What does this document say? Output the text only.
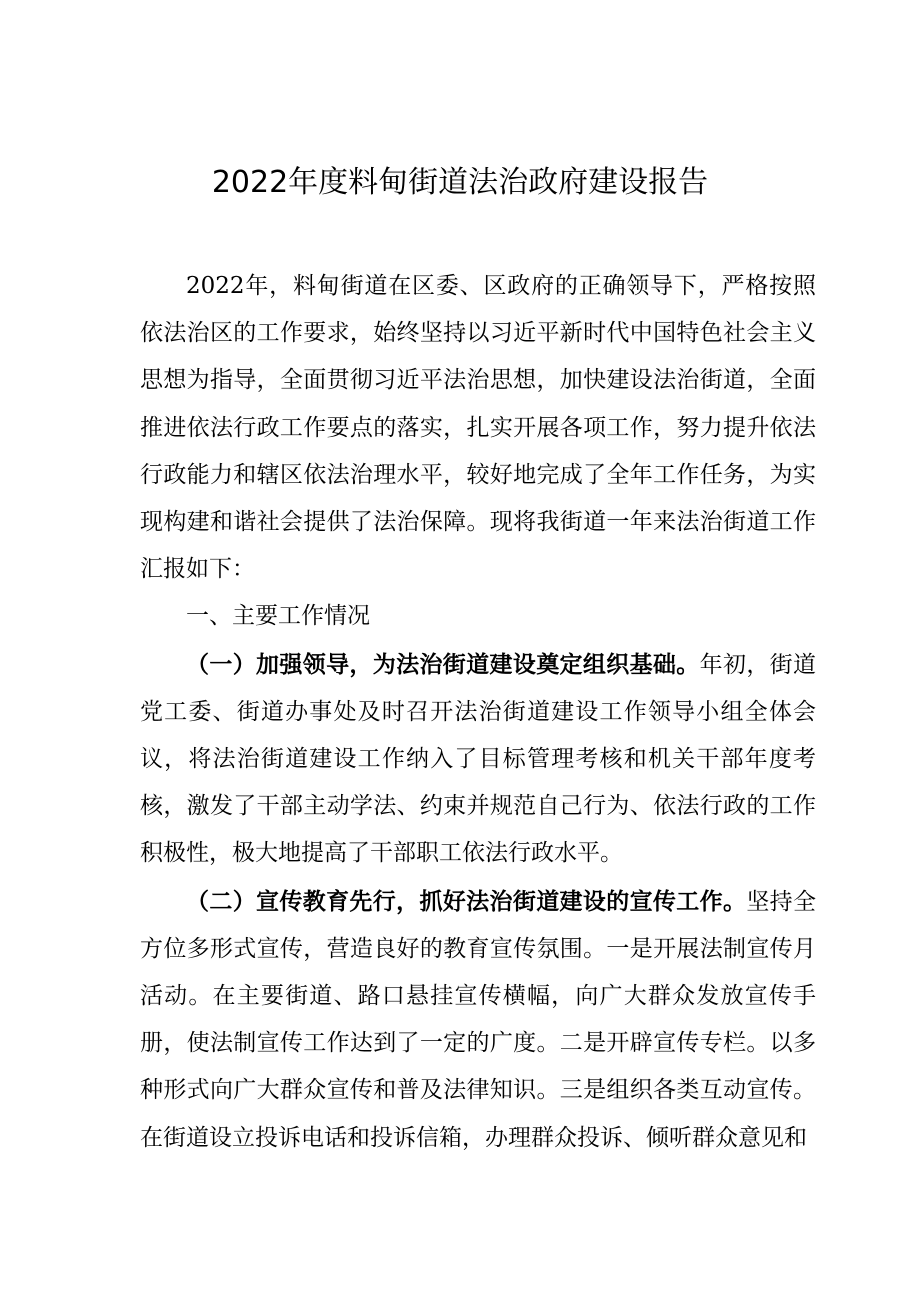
2022年度料甸街道法治政府建设报告

2022年，料甸街道在区委、区政府的正确领导下，严格按照依法治区的工作要求，始终坚持以习近平新时代中国特色社会主义思想为指导，全面贯彻习近平法治思想，加快建设法治街道，全面推进依法行政工作要点的落实，扎实开展各项工作，努力提升依法行政能力和辖区依法治理水平，较好地完成了全年工作任务，为实现构建和谐社会提供了法治保障。现将我街道一年来法治街道工作汇报如下：

一、主要工作情况

（一）加强领导，为法治街道建设奠定组织基础。年初，街道党工委、街道办事处及时召开法治街道建设工作领导小组全体会议，将法治街道建设工作纳入了目标管理考核和机关干部年度考核，激发了干部主动学法、约束并规范自己行为、依法行政的工作积极性，极大地提高了干部职工依法行政水平。

（二）宣传教育先行，抓好法治街道建设的宣传工作。坚持全方位多形式宣传，营造良好的教育宣传氛围。一是开展法制宣传月活动。在主要街道、路口悬挂宣传横幅，向广大群众发放宣传手册，使法制宣传工作达到了一定的广度。二是开辟宣传专栏。以多种形式向广大群众宣传和普及法律知识。三是组织各类互动宣传。在街道设立投诉电话和投诉信箱，办理群众投诉、倾听群众意见和
